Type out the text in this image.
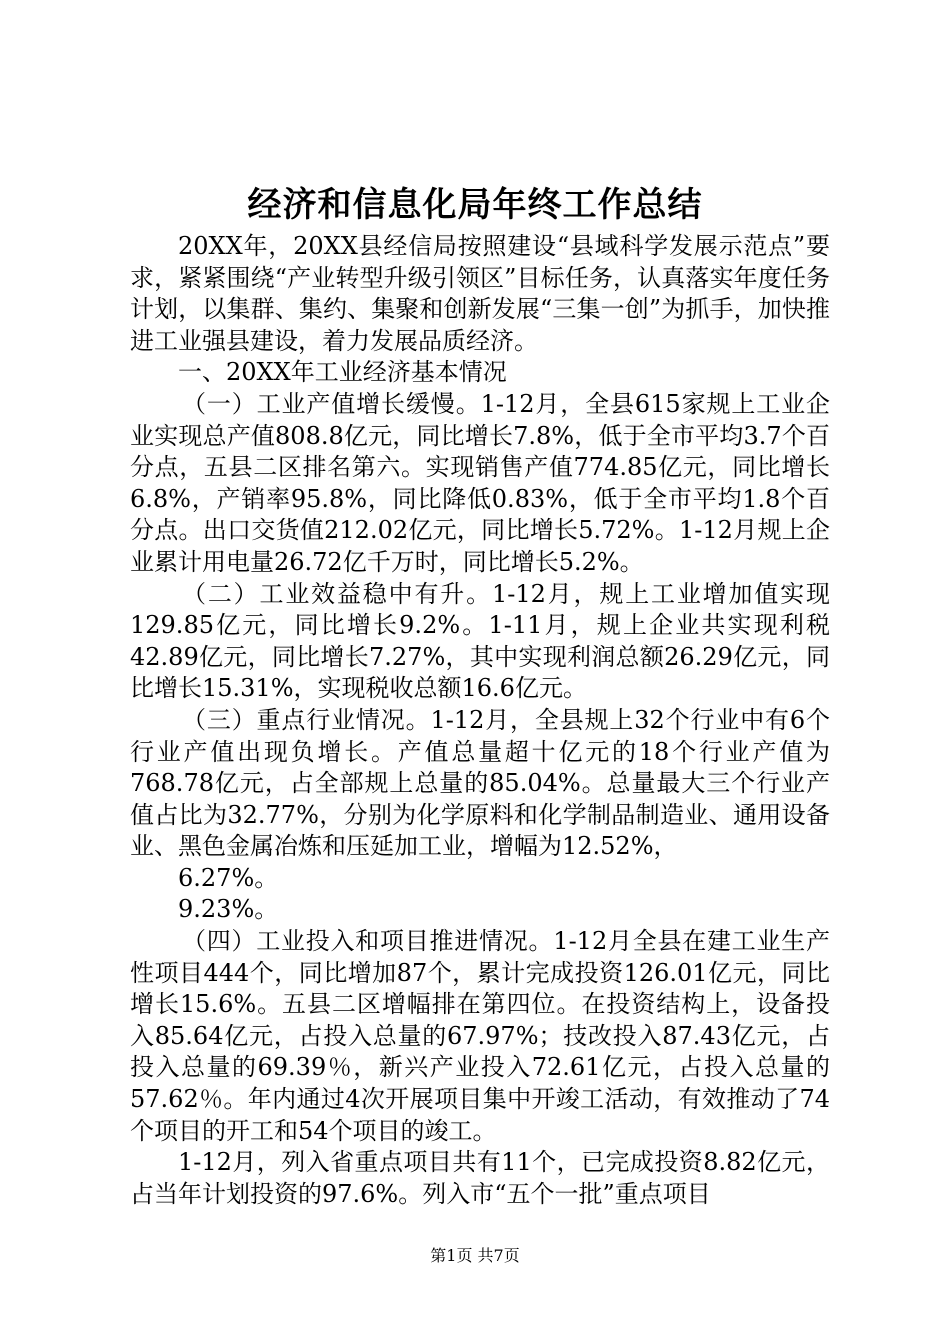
经济和信息化局年终工作总结

20XX年，20XX县经信局按照建设“县域科学发展示范点”要求，紧紧围绕“产业转型升级引领区”目标任务，认真落实年度任务计划，以集群、集约、集聚和创新发展“三集一创”为抓手，加快推进工业强县建设，着力发展品质经济。

一、20XX年工业经济基本情况

（一）工业产值增长缓慢。1-12月，全县615家规上工业企业实现总产值808.8亿元，同比增长7.8%，低于全市平均3.7个百分点，五县二区排名第六。实现销售产值774.85亿元，同比增长6.8%，产销率95.8%，同比降低0.83%，低于全市平均1.8个百分点。出口交货值212.02亿元，同比增长5.72%。1-12月规上企业累计用电量26.72亿千万时，同比增长5.2%。

（二）工业效益稳中有升。1-12月，规上工业增加值实现129.85亿元，同比增长9.2%。1-11月，规上企业共实现利税42.89亿元，同比增长7.27%，其中实现利润总额26.29亿元，同比增长15.31%，实现税收总额16.6亿元。

（三）重点行业情况。1-12月，全县规上32个行业中有6个行业产值出现负增长。产值总量超十亿元的18个行业产值为768.78亿元，占全部规上总量的85.04%。总量最大三个行业产值占比为32.77%，分别为化学原料和化学制品制造业、通用设备业、黑色金属冶炼和压延加工业，增幅为12.52%，

6.27%。

9.23%。

（四）工业投入和项目推进情况。1-12月全县在建工业生产性项目444个，同比增加87个，累计完成投资126.01亿元，同比增长15.6%。五县二区增幅排在第四位。在投资结构上，设备投入85.64亿元，占投入总量的67.97%；技改投入87.43亿元，占投入总量的69.39％，新兴产业投入72.61亿元，占投入总量的57.62％。年内通过4次开展项目集中开竣工活动，有效推动了74个项目的开工和54个项目的竣工。

1-12月，列入省重点项目共有11个，已完成投资8.82亿元，占当年计划投资的97.6%。列入市“五个一批”重点项目

第1页 共7页
